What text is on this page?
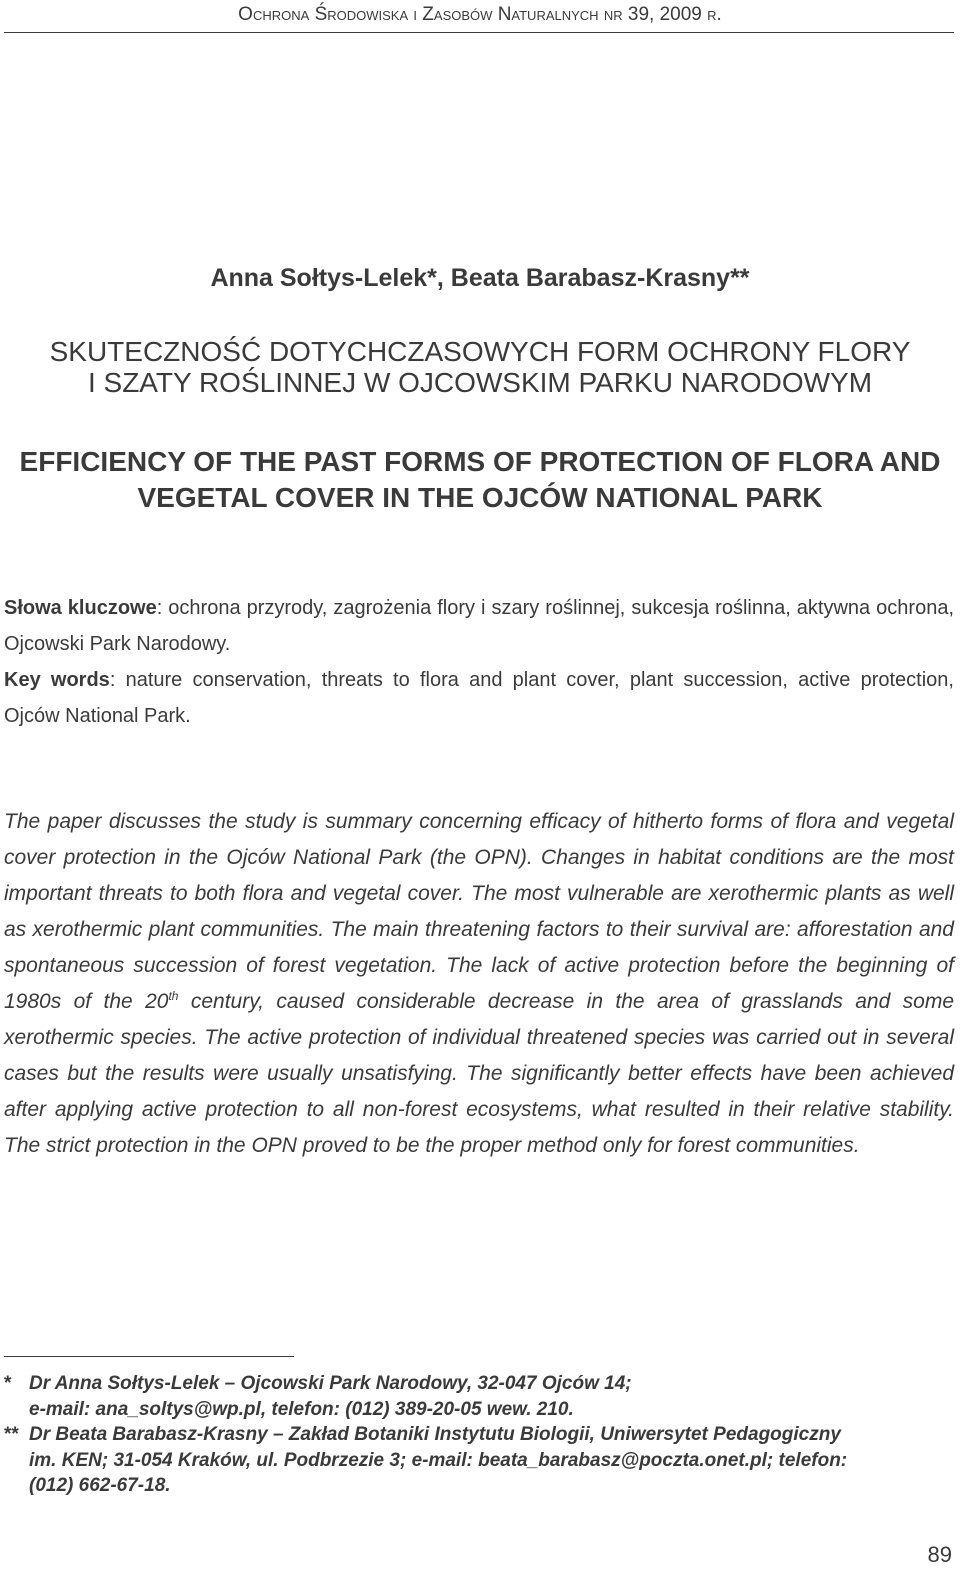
Ochrona Środowiska i Zasobów Naturalnych nr 39, 2009 r.
Anna Sołtys-Lelek*, Beata Barabasz-Krasny**
SKUTECZNOŚĆ DOTYCHCZASOWYCH FORM OCHRONY FLORY
I SZATY ROŚLINNEJ W OJCOWSKIM PARKU NARODOWYM
EFFICIENCY OF THE PAST FORMS OF PROTECTION OF FLORA AND
VEGETAL COVER IN THE OJCÓW NATIONAL PARK

Słowa kluczowe: ochrona przyrody, zagrożenia flory i szary roślinnej, sukcesja roślinna, aktywna ochrona, Ojcowski Park Narodowy.

Key words: nature conservation, threats to flora and plant cover, plant succession, active protection, Ojców National Park.

The paper discusses the study is summary concerning efficacy of hitherto forms of flora and vegetal cover protection in the Ojców National Park (the OPN). Changes in habitat conditions are the most important threats to both flora and vegetal cover. The most vulnerable are xerothermic plants as well as xerothermic plant communities. The main threatening factors to their survival are: afforestation and spontaneous succession of forest vegetation. The lack of active protection before the beginning of 1980s of the 20th century, caused considerable decrease in the area of grasslands and some xerothermic species. The active protection of individual threatened species was carried out in several cases but the results were usually unsatisfying. The significantly better effects have been achieved after applying active protection to all non-forest ecosystems, what resulted in their relative stability. The strict protection in the OPN proved to be the proper method only for forest communities.

* Dr Anna Sołtys-Lelek – Ojcowski Park Narodowy, 32-047 Ojców 14;
e-mail: ana_soltys@wp.pl, telefon: (012) 389-20-05 wew. 210.
** Dr Beata Barabasz-Krasny – Zakład Botaniki Instytutu Biologii, Uniwersytet Pedagogiczny
im. KEN; 31-054 Kraków, ul. Podbrzezie 3; e-mail: beata_barabasz@poczta.onet.pl; telefon:
(012) 662-67-18.
89
